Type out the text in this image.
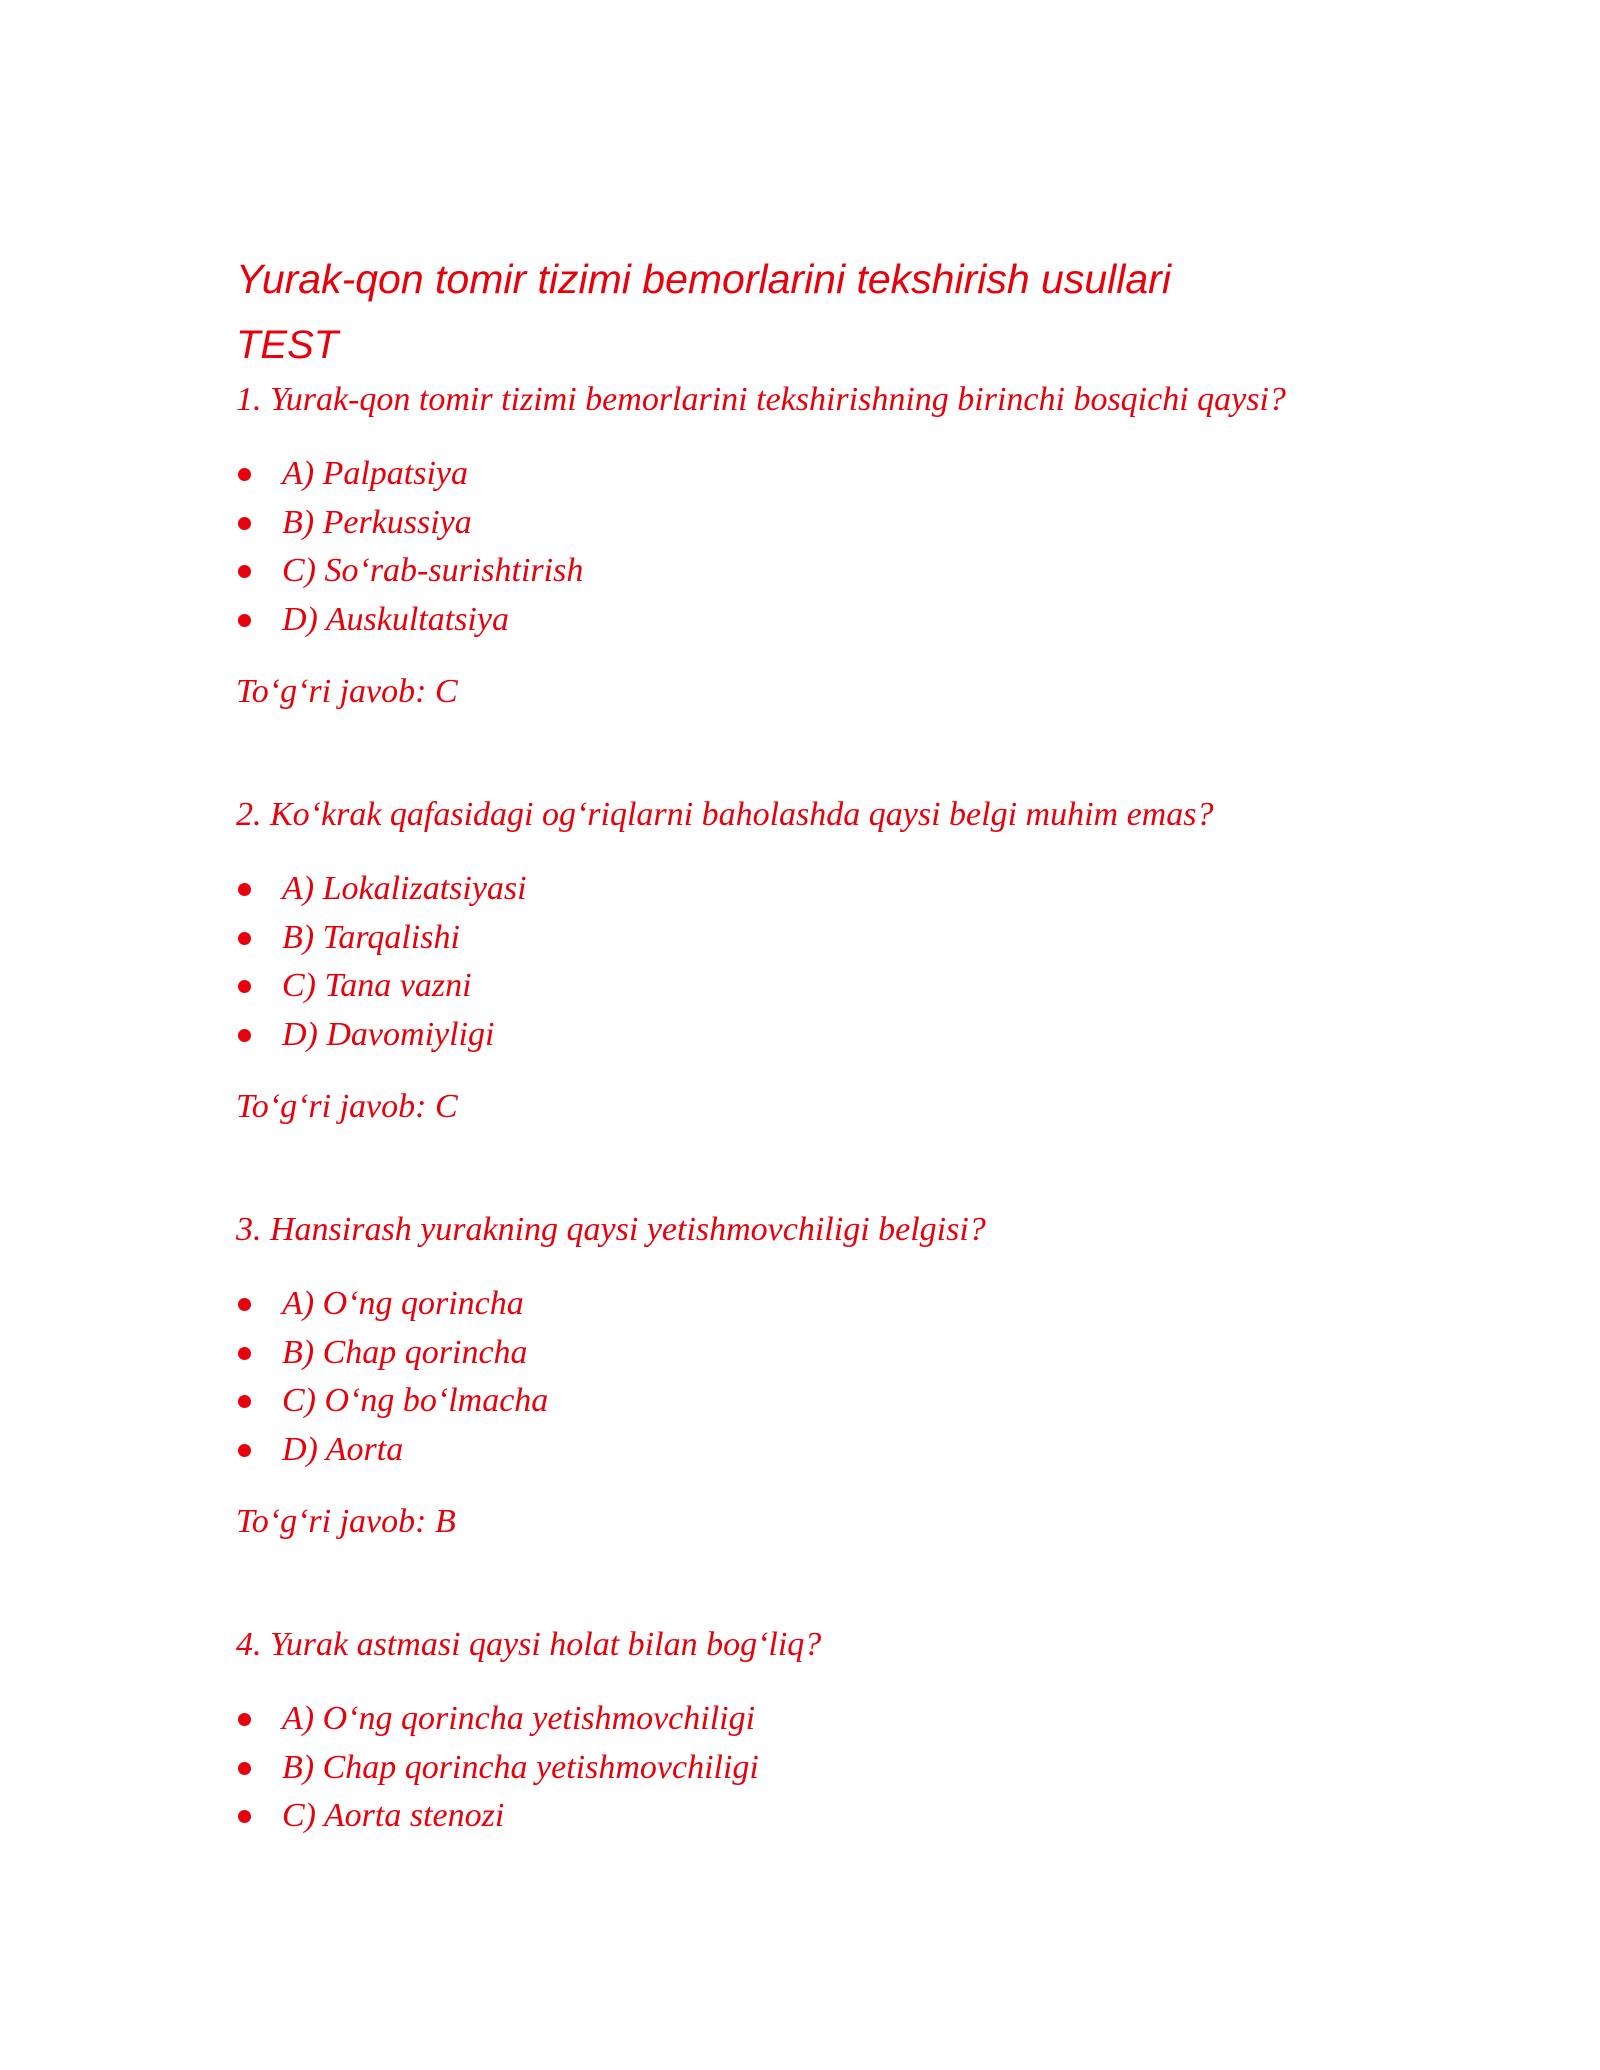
Yurak-qon tomir tizimi bemorlarini tekshirish usullari
TEST

1. Yurak-qon tomir tizimi bemorlarini tekshirishning birinchi bosqichi qaysi?

A) Palpatsiya
B) Perkussiya
C) So‘rab-surishtirish
D) Auskultatsiya

To‘g‘ri javob: C

2. Ko‘krak qafasidagi og‘riqlarni baholashda qaysi belgi muhim emas?

A) Lokalizatsiyasi
B) Tarqalishi
C) Tana vazni
D) Davomiyligi

To‘g‘ri javob: C

3. Hansirash yurakning qaysi yetishmovchiligi belgisi?

A) O‘ng qorincha
B) Chap qorincha
C) O‘ng bo‘lmacha
D) Aorta

To‘g‘ri javob: B

4. Yurak astmasi qaysi holat bilan bog‘liq?

A) O‘ng qorincha yetishmovchiligi
B) Chap qorincha yetishmovchiligi
C) Aorta stenozi
